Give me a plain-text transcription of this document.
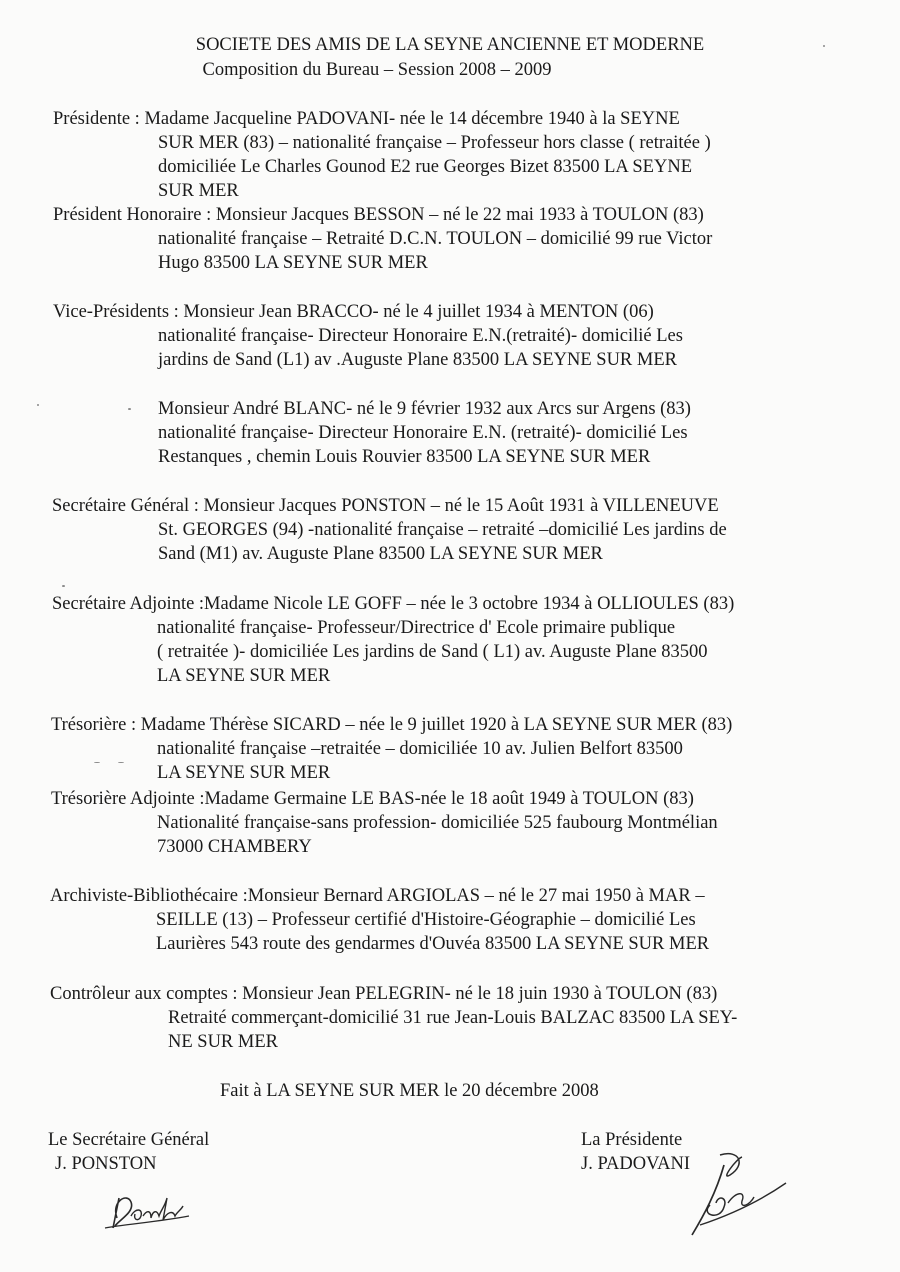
SOCIETE DES AMIS DE LA SEYNE ANCIENNE ET MODERNE
Composition du Bureau – Session 2008 – 2009
Présidente : Madame Jacqueline PADOVANI- née le 14 décembre 1940 à la SEYNE
SUR MER (83) – nationalité française – Professeur hors classe ( retraitée )
domiciliée Le Charles Gounod E2 rue Georges Bizet 83500 LA SEYNE
SUR MER
Président Honoraire : Monsieur Jacques BESSON – né le 22 mai 1933 à TOULON (83)
nationalité française – Retraité D.C.N. TOULON – domicilié 99 rue Victor
Hugo 83500 LA SEYNE SUR MER
Vice-Présidents : Monsieur Jean BRACCO- né le 4 juillet 1934 à MENTON (06)
nationalité française- Directeur Honoraire E.N.(retraité)- domicilié Les
jardins de Sand (L1) av .Auguste Plane 83500 LA SEYNE SUR MER
Monsieur André BLANC- né le 9 février 1932 aux Arcs sur Argens (83)
nationalité française- Directeur Honoraire E.N. (retraité)- domicilié Les
Restanques , chemin Louis Rouvier 83500 LA SEYNE SUR MER
Secrétaire Général : Monsieur Jacques PONSTON – né le 15 Août 1931 à VILLENEUVE
St. GEORGES (94) -nationalité française – retraité –domicilié Les jardins de
Sand (M1) av. Auguste Plane 83500 LA SEYNE SUR MER
Secrétaire Adjointe :Madame Nicole LE GOFF – née le 3 octobre 1934 à OLLIOULES (83)
nationalité française- Professeur/Directrice d' Ecole primaire publique
( retraitée )- domiciliée Les jardins de Sand ( L1) av. Auguste Plane 83500
LA SEYNE SUR MER
Trésorière : Madame Thérèse SICARD – née le 9 juillet 1920 à LA SEYNE SUR MER (83)
nationalité française –retraitée – domiciliée 10 av. Julien Belfort 83500
LA SEYNE SUR MER
Trésorière Adjointe :Madame Germaine LE BAS-née le 18 août 1949 à TOULON (83)
Nationalité française-sans profession- domiciliée 525 faubourg Montmélian
73000 CHAMBERY
Archiviste-Bibliothécaire :Monsieur Bernard ARGIOLAS – né le 27 mai 1950 à MAR –
SEILLE (13) – Professeur certifié d'Histoire-Géographie – domicilié Les
Laurières 543 route des gendarmes d'Ouvéa 83500 LA SEYNE SUR MER
Contrôleur aux comptes : Monsieur Jean PELEGRIN- né le 18 juin 1930 à TOULON (83)
Retraité commerçant-domicilié 31 rue Jean-Louis BALZAC 83500 LA SEY-
NE SUR MER
Fait à LA SEYNE SUR MER le 20 décembre 2008
Le Secrétaire Général
J. PONSTON
La Présidente
J. PADOVANI
